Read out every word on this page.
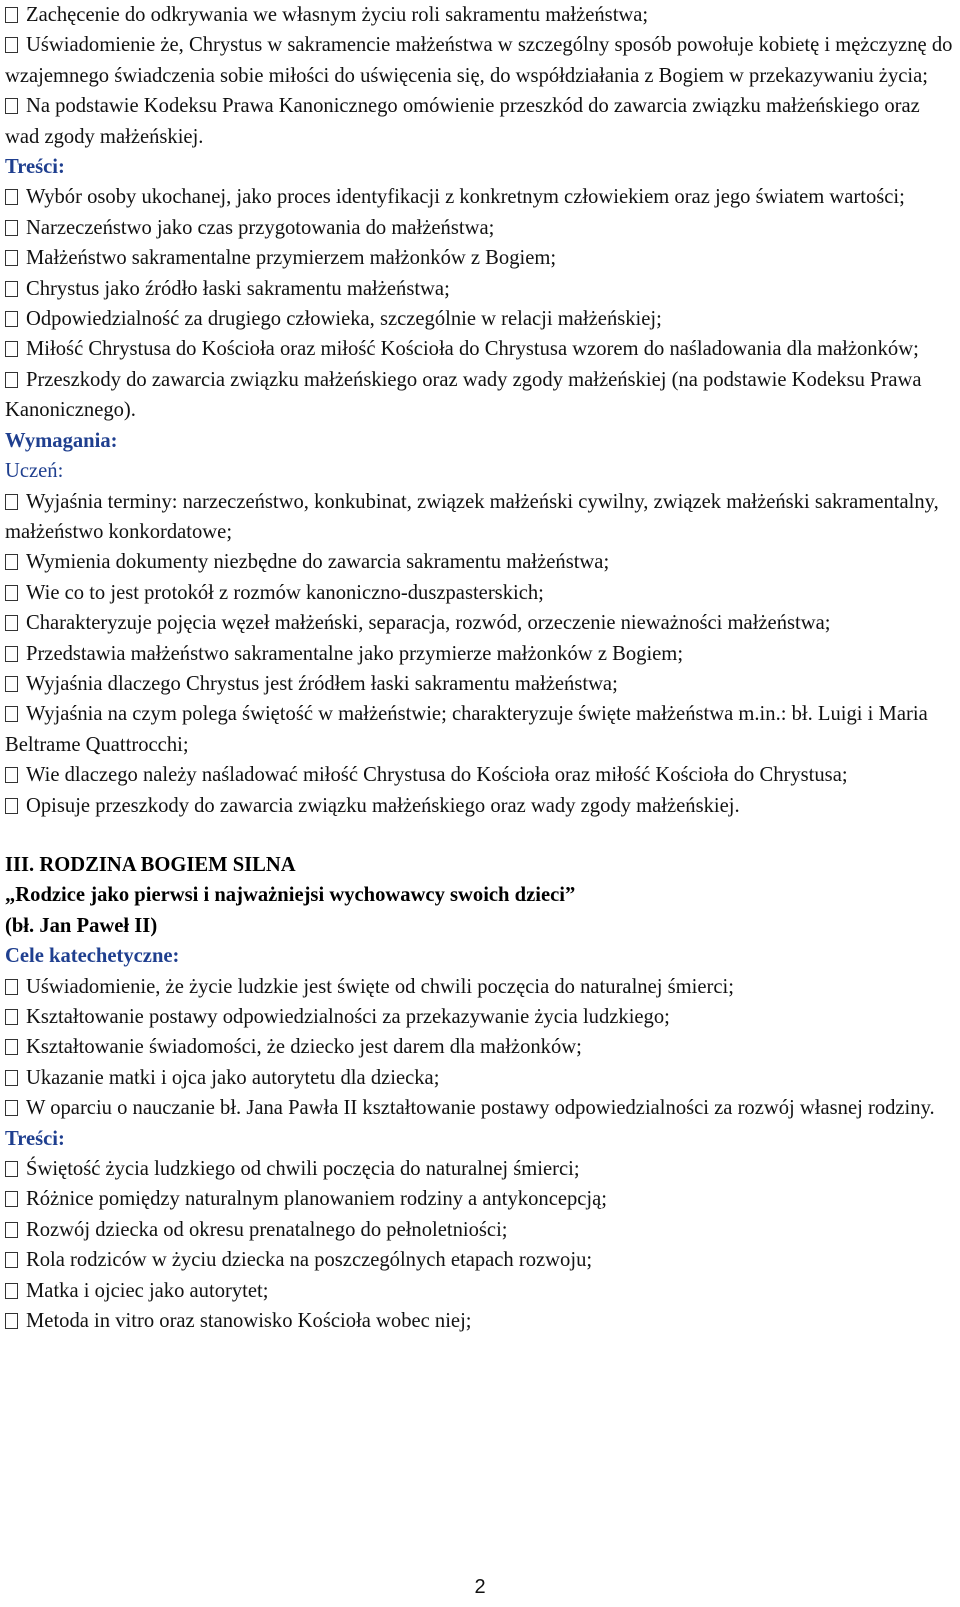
Zachęcenie do odkrywania we własnym życiu roli sakramentu małżeństwa;

Uświadomienie że, Chrystus w sakramencie małżeństwa w szczególny sposób powołuje kobietę i mężczyznę do wzajemnego świadczenia sobie miłości do uświęcenia się, do współdziałania z Bogiem w przekazywaniu życia;

Na podstawie Kodeksu Prawa Kanonicznego omówienie przeszkód do zawarcia związku małżeńskiego oraz wad zgody małżeńskiej.

Treści:

Wybór osoby ukochanej, jako proces identyfikacji z konkretnym człowiekiem oraz jego światem wartości;

Narzeczeństwo jako czas przygotowania do małżeństwa;

Małżeństwo sakramentalne przymierzem małżonków z Bogiem;

Chrystus jako źródło łaski sakramentu małżeństwa;

Odpowiedzialność za drugiego człowieka, szczególnie w relacji małżeńskiej;

Miłość Chrystusa do Kościoła oraz miłość Kościoła do Chrystusa wzorem do naśladowania dla małżonków;

Przeszkody do zawarcia związku małżeńskiego oraz wady zgody małżeńskiej (na podstawie Kodeksu Prawa Kanonicznego).

Wymagania:

Uczeń:

Wyjaśnia terminy: narzeczeństwo, konkubinat, związek małżeński cywilny, związek małżeński sakramentalny, małżeństwo konkordatowe;

Wymienia dokumenty niezbędne do zawarcia sakramentu małżeństwa;

Wie co to jest protokół z rozmów kanoniczno-duszpasterskich;

Charakteryzuje pojęcia węzeł małżeński, separacja, rozwód, orzeczenie nieważności małżeństwa;

Przedstawia małżeństwo sakramentalne jako przymierze małżonków z Bogiem;

Wyjaśnia dlaczego Chrystus jest źródłem łaski sakramentu małżeństwa;

Wyjaśnia na czym polega świętość w małżeństwie; charakteryzuje święte małżeństwa m.in.: bł. Luigi i Maria Beltrame Quattrocchi;

Wie dlaczego należy naśladować miłość Chrystusa do Kościoła oraz miłość Kościoła do Chrystusa;

Opisuje przeszkody do zawarcia związku małżeńskiego oraz wady zgody małżeńskiej.

III. RODZINA BOGIEM SILNA

„Rodzice jako pierwsi i najważniejsi wychowawcy swoich dzieci”

(bł. Jan Paweł II)

Cele katechetyczne:

Uświadomienie, że życie ludzkie jest święte od chwili poczęcia do naturalnej śmierci;

Kształtowanie postawy odpowiedzialności za przekazywanie życia ludzkiego;

Kształtowanie świadomości, że dziecko jest darem dla małżonków;

Ukazanie matki i ojca jako autorytetu dla dziecka;

W oparciu o nauczanie bł. Jana Pawła II kształtowanie postawy odpowiedzialności za rozwój własnej rodziny.

Treści:

Świętość życia ludzkiego od chwili poczęcia do naturalnej śmierci;

Różnice pomiędzy naturalnym planowaniem rodziny a antykoncepcją;

Rozwój dziecka od okresu prenatalnego do pełnoletniości;

Rola rodziców w życiu dziecka na poszczególnych etapach rozwoju;

Matka i ojciec jako autorytet;

Metoda in vitro oraz stanowisko Kościoła wobec niej;

2
